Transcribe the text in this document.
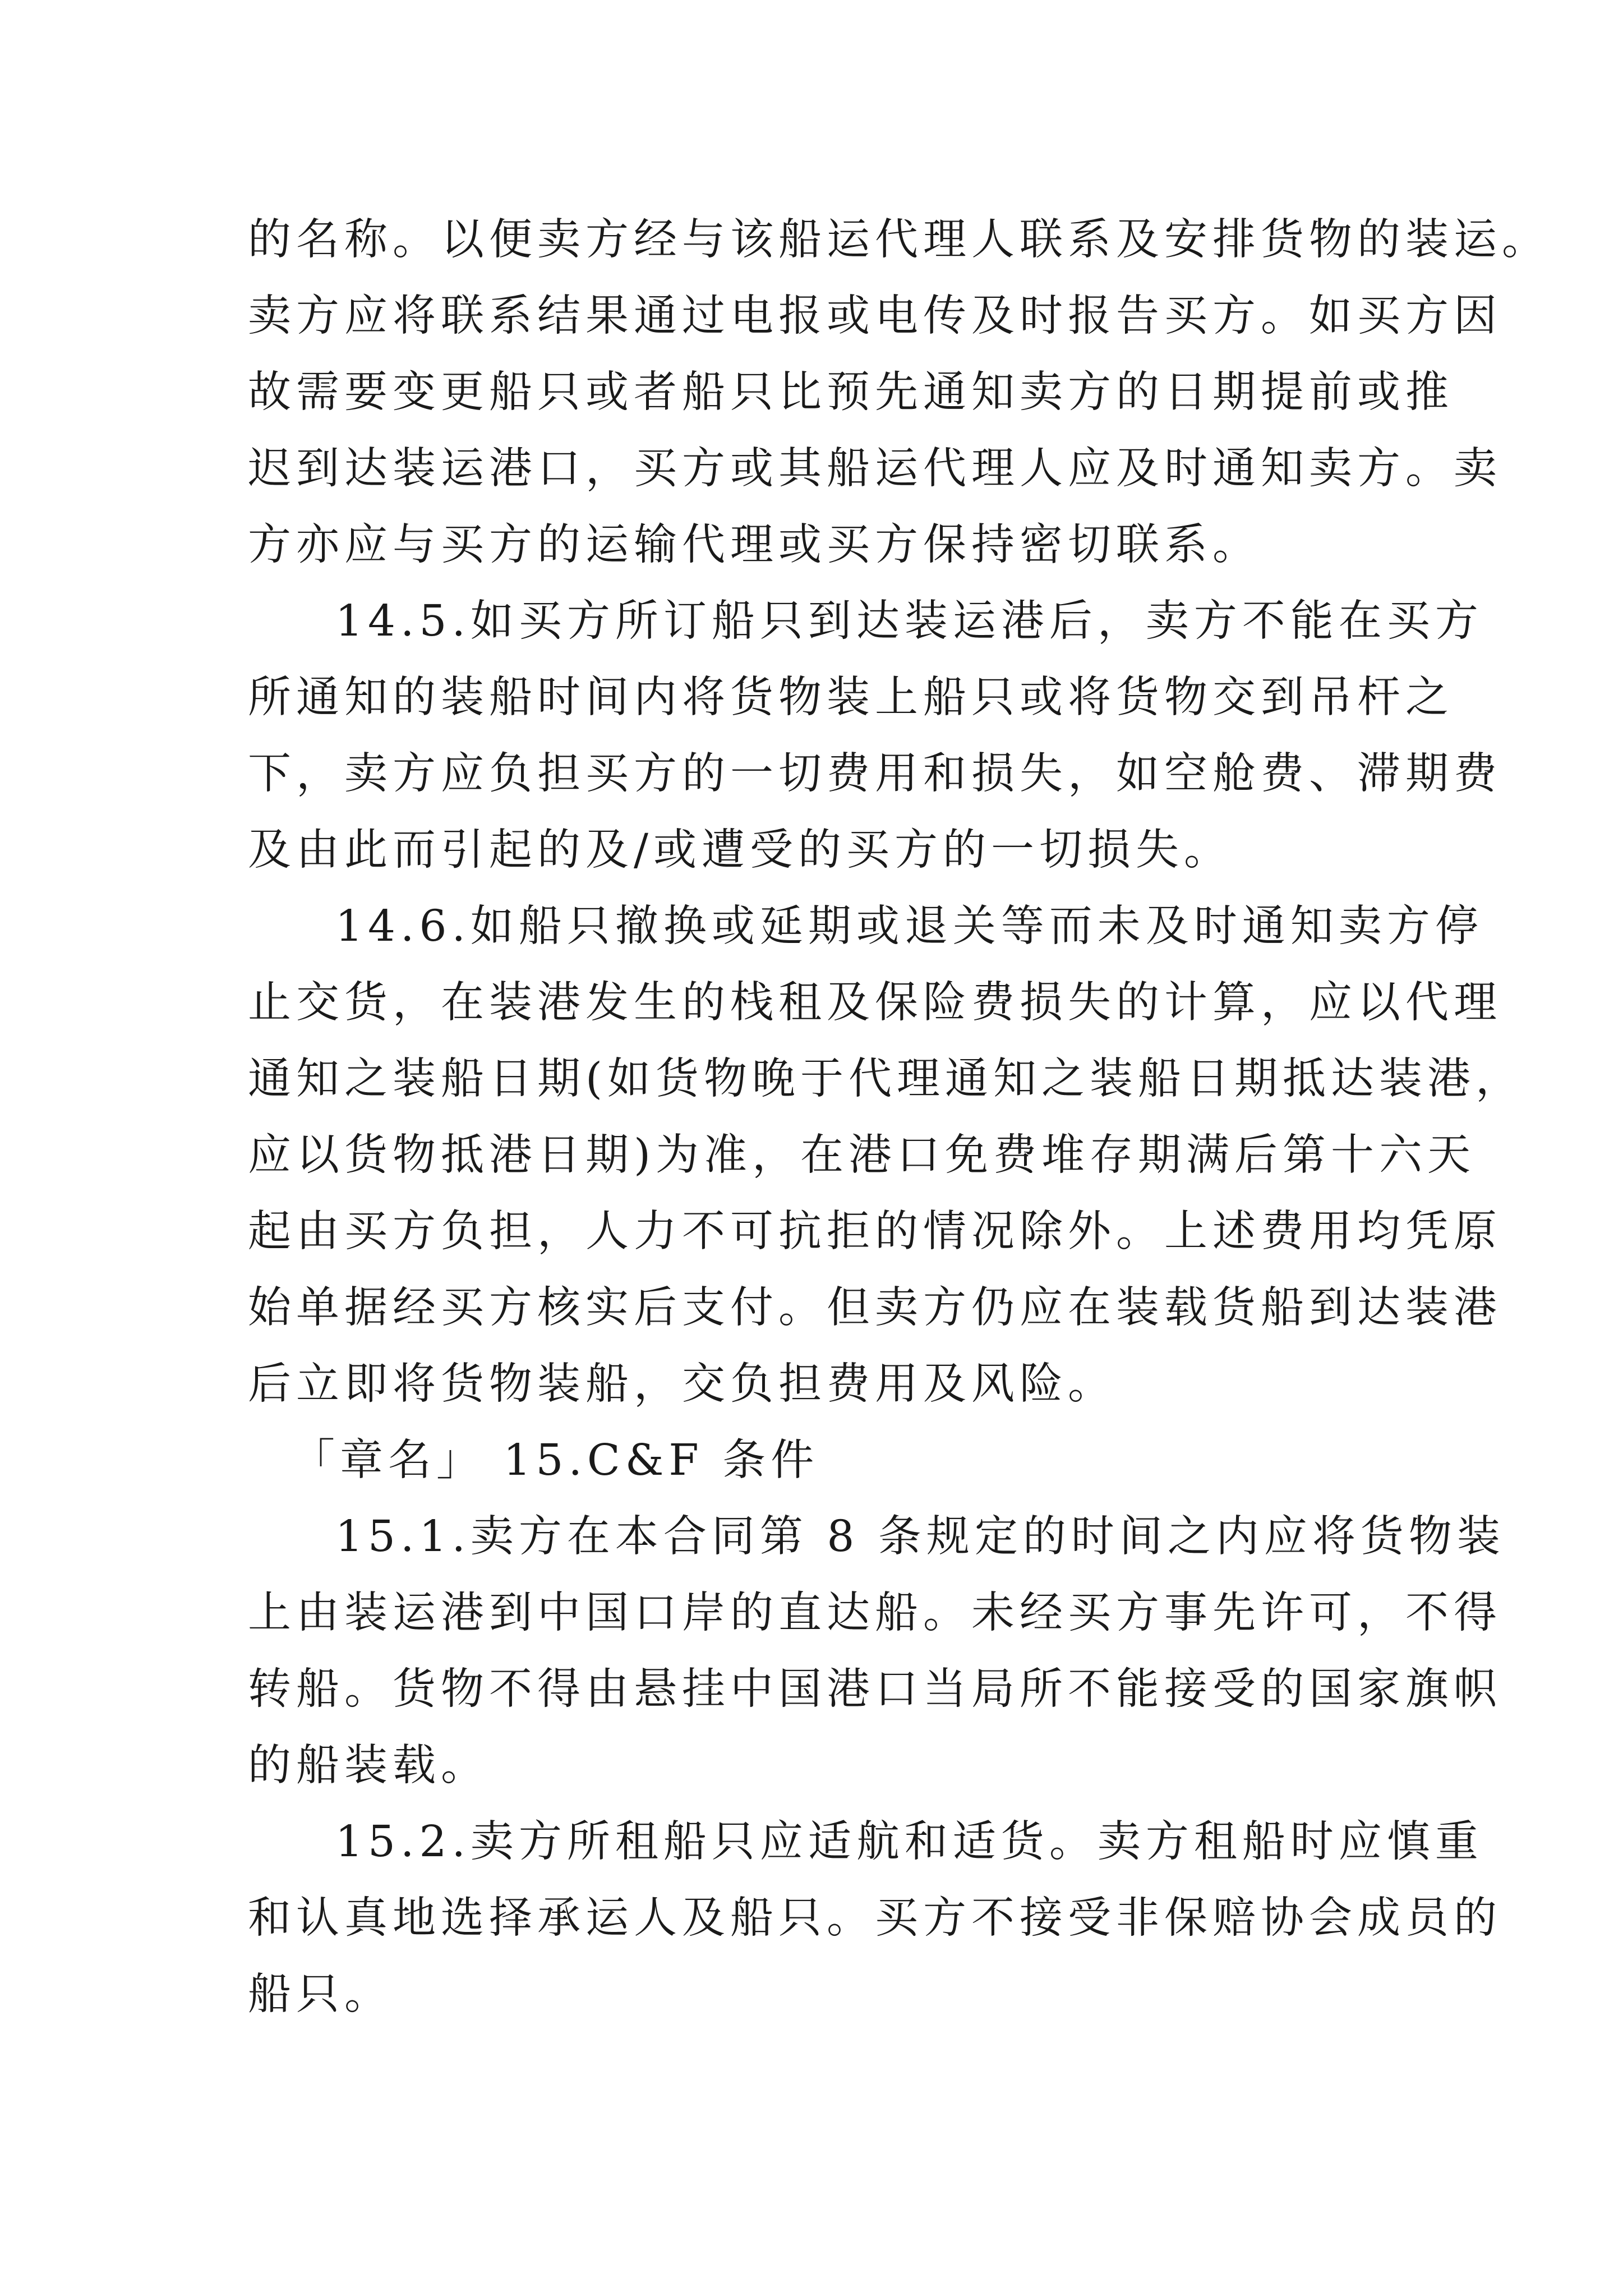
的名称。以便卖方经与该船运代理人联系及安排货物的装运。
卖方应将联系结果通过电报或电传及时报告买方。如买方因
故需要变更船只或者船只比预先通知卖方的日期提前或推
迟到达装运港口，买方或其船运代理人应及时通知卖方。卖
方亦应与买方的运输代理或买方保持密切联系。
14.5.如买方所订船只到达装运港后，卖方不能在买方
所通知的装船时间内将货物装上船只或将货物交到吊杆之
下，卖方应负担买方的一切费用和损失，如空舱费、滞期费
及由此而引起的及/或遭受的买方的一切损失。
14.6.如船只撤换或延期或退关等而未及时通知卖方停
止交货，在装港发生的栈租及保险费损失的计算，应以代理
通知之装船日期(如货物晚于代理通知之装船日期抵达装港，
应以货物抵港日期)为准，在港口免费堆存期满后第十六天
起由买方负担，人力不可抗拒的情况除外。上述费用均凭原
始单据经买方核实后支付。但卖方仍应在装载货船到达装港
后立即将货物装船，交负担费用及风险。
「章名」 15.C&F 条件
15.1.卖方在本合同第 8 条规定的时间之内应将货物装
上由装运港到中国口岸的直达船。未经买方事先许可，不得
转船。货物不得由悬挂中国港口当局所不能接受的国家旗帜
的船装载。
15.2.卖方所租船只应适航和适货。卖方租船时应慎重
和认真地选择承运人及船只。买方不接受非保赔协会成员的
船只。
